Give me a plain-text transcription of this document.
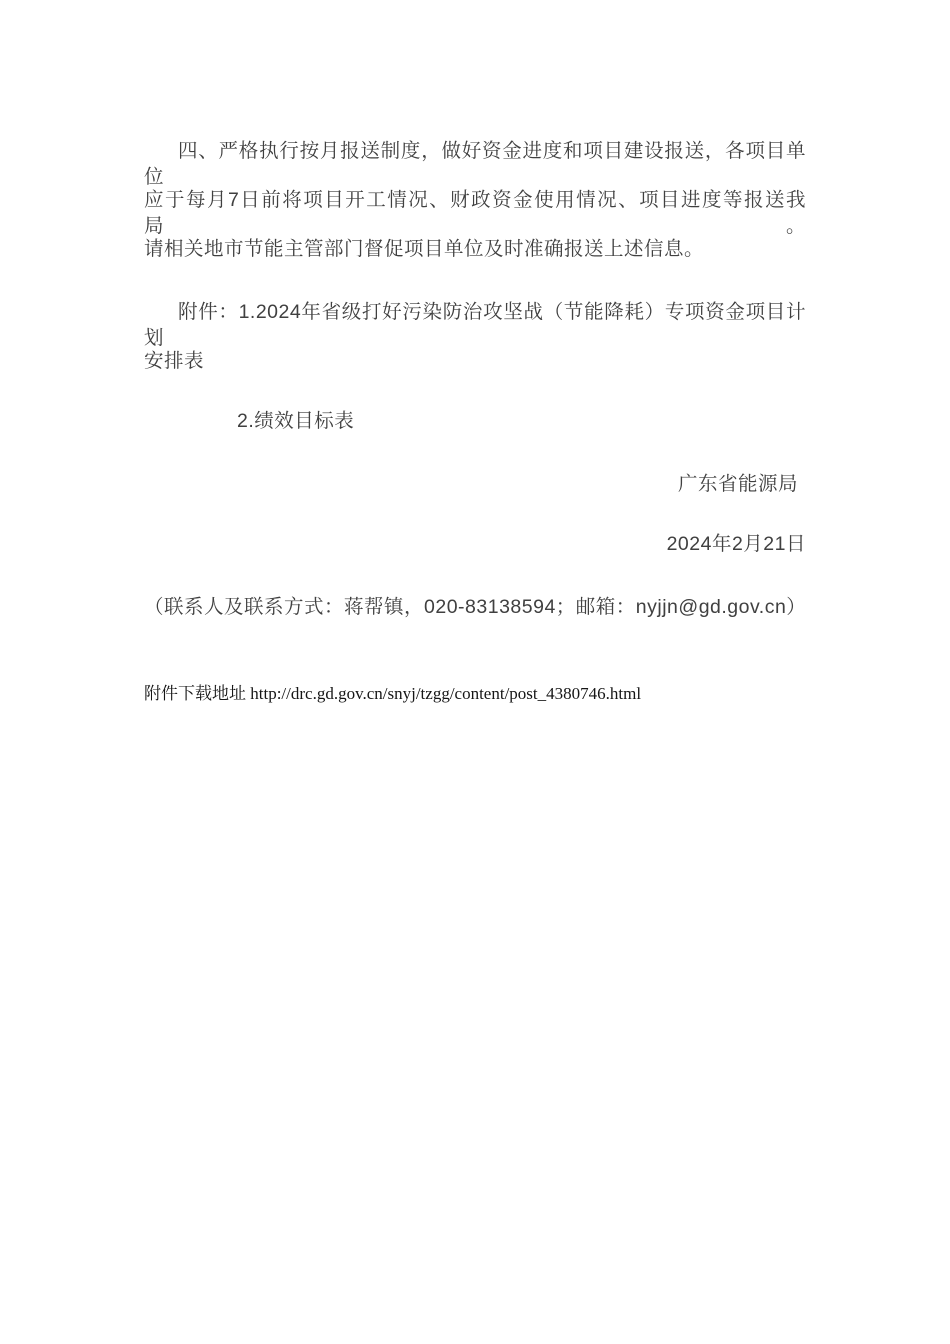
四、严格执行按月报送制度，做好资金进度和项目建设报送，各项目单位
应于每月7日前将项目开工情况、财政资金使用情况、项目进度等报送我局。
请相关地市节能主管部门督促项目单位及时准确报送上述信息。
附件：1.2024年省级打好污染防治攻坚战（节能降耗）专项资金项目计划
安排表
2.绩效目标表
广东省能源局
2024年2月21日
（联系人及联系方式：蒋帮镇，020-83138594；邮箱：nyjjn@gd.gov.cn）
附件下载地址 http://drc.gd.gov.cn/snyj/tzgg/content/post_4380746.html
